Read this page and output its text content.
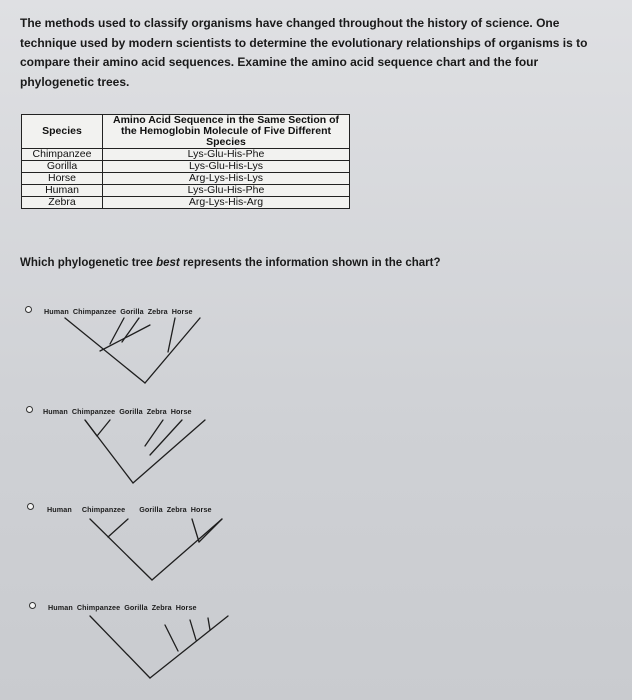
The methods used to classify organisms have changed throughout the history of science. One technique used by modern scientists to determine the evolutionary relationships of organisms is to compare their amino acid sequences. Examine the amino acid sequence chart and the four phylogenetic trees.
Species	Amino Acid Sequence in the Same Section of the Hemoglobin Molecule of Five Different Species
Chimpanzee	Lys-Glu-His-Phe
Gorilla	Lys-Glu-His-Lys
Horse	Arg-Lys-His-Lys
Human	Lys-Glu-His-Phe
Zebra	Arg-Lys-His-Arg
Which phylogenetic tree best represents the information shown in the chart?
Human Chimpanzee Gorilla Zebra Horse
Human Chimpanzee Gorilla Zebra Horse
Human Chimpanzee Gorilla Zebra Horse
Human Chimpanzee Gorilla Zebra Horse
